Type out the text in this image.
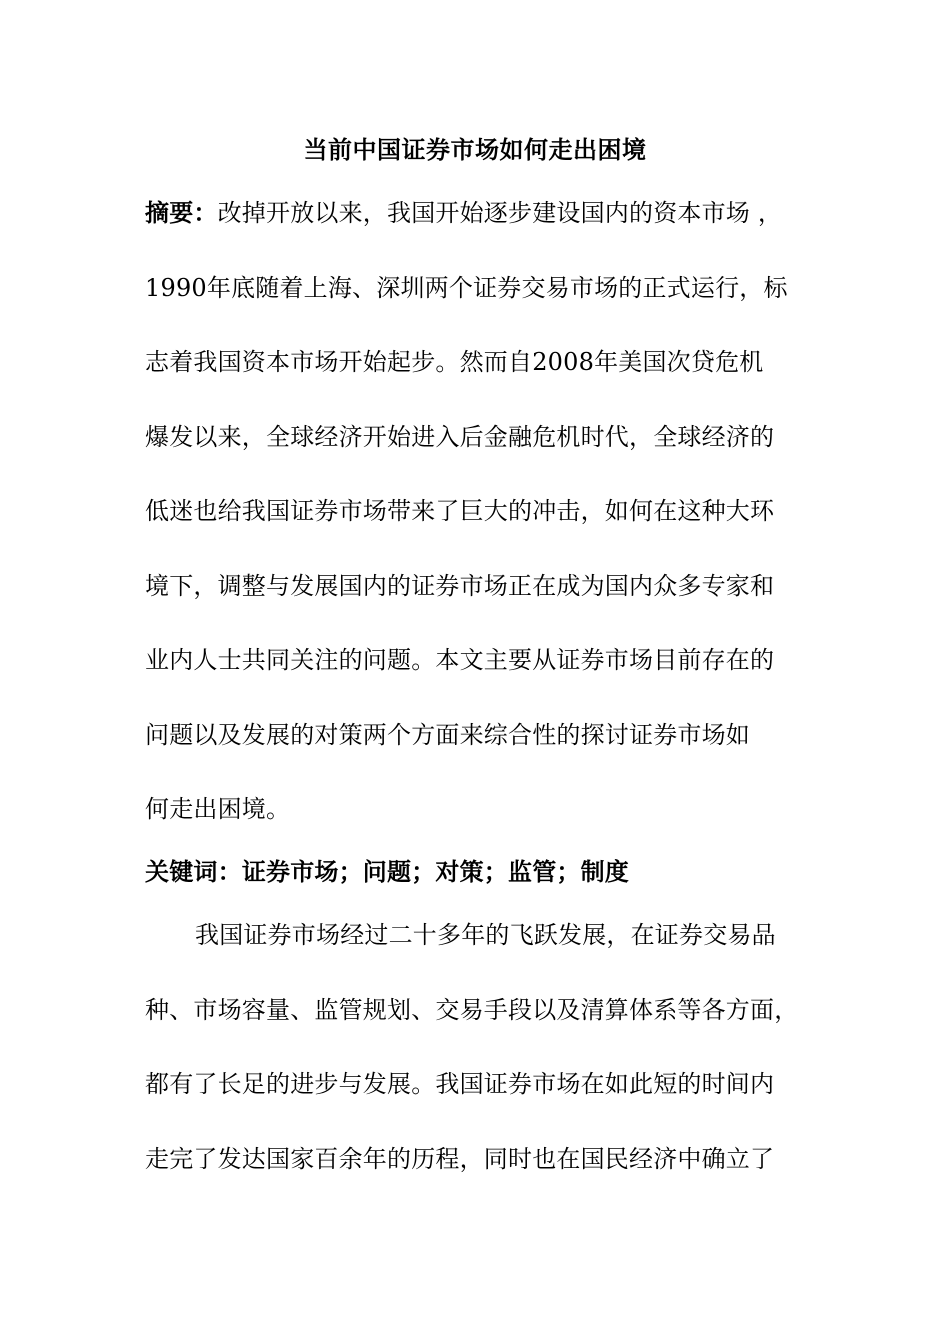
当前中国证券市场如何走出困境
摘要：改掉开放以来，我国开始逐步建设国内的资本市场 ，
1990年底随着上海、深圳两个证券交易市场的正式运行，标
志着我国资本市场开始起步。然而自2008年美国次贷危机
爆发以来，全球经济开始进入后金融危机时代，全球经济的
低迷也给我国证券市场带来了巨大的冲击，如何在这种大环
境下，调整与发展国内的证券市场正在成为国内众多专家和
业内人士共同关注的问题。本文主要从证券市场目前存在的
问题以及发展的对策两个方面来综合性的探讨证券市场如
何走出困境。
关键词：证券市场；问题；对策；监管；制度
我国证券市场经过二十多年的飞跃发展，在证券交易品
种、市场容量、监管规划、交易手段以及清算体系等各方面，
都有了长足的进步与发展。我国证券市场在如此短的时间内
走完了发达国家百余年的历程，同时也在国民经济中确立了
